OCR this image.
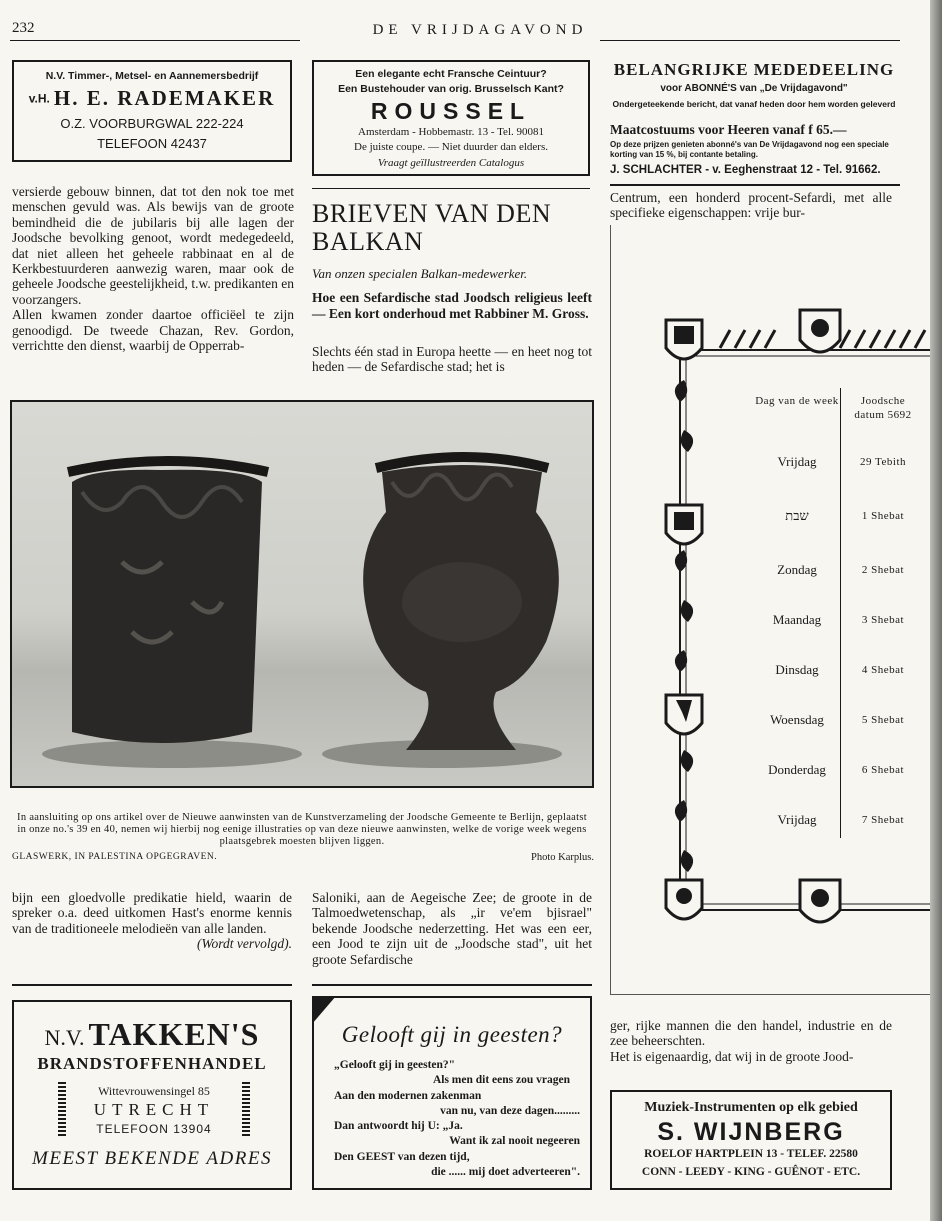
232	DE VRIJDAGAVOND
N.V. Timmer-, Metsel- en Aannemersbedrijf
v.H. H. E. RADEMAKER
O.Z. VOORBURGWAL 222-224
TELEFOON 42437
Een elegante echt Fransche Ceintuur?
Een Bustehouder van orig. Brusselsch Kant?
ROUSSEL
Amsterdam - Hobbemastr. 13 - Tel. 90081
De juiste coupe. — Niet duurder dan elders.
Vraagt geïllustreerden Catalogus
BELANGRIJKE MEDEDEELING
voor ABONNÉ'S van „De Vrijdagavond"
Ondergeteekende bericht, dat vanaf heden door hem worden geleverd
Maatcostuums voor Heeren vanaf f 65.—
Op deze prijzen genieten abonné's van De Vrijdagavond nog een speciale korting van 15 %, bij contante betaling.
J. SCHLACHTER - v. Eeghenstraat 12 - Tel. 91662.

versierde gebouw binnen, dat tot den nok toe met menschen gevuld was. Als bewijs van de groote bemindheid die de jubilaris bij alle lagen der Joodsche bevolking genoot, wordt medegedeeld, dat niet alleen het geheele rabbinaat en al de Kerkbestuurderen aanwezig waren, maar ook de geheele Joodsche geestelijkheid, t.w. predikanten en voorzangers.

Allen kwamen zonder daartoe officiëel te zijn genoodigd. De tweede Chazan, Rev. Gordon, verrichtte den dienst, waarbij de Opperrab-

BRIEVEN VAN DEN
BALKAN
Van onzen specialen Balkan-medewerker.
Hoe een Sefardische stad Joodsch religieus leeft — Een kort onderhoud met Rabbiner M. Gross.
Slechts één stad in Europa heette — en heet nog tot heden — de Sefardische stad; het is
Centrum, een honderd procent-Sefardi, met alle specifieke eigenschappen: vrije bur-
Dag van de week	Joodsche datum 5692
Vrijdag	29 Tebith
שבת	1 Shebat
Zondag	2 Shebat
Maandag	3 Shebat
Dinsdag	4 Shebat
Woensdag	5 Shebat
Donderdag	6 Shebat
Vrijdag	7 Shebat
In aansluiting op ons artikel over de Nieuwe aanwinsten van de Kunstverzameling der Joodsche Gemeente te Berlijn, geplaatst in onze no.'s 39 en 40, nemen wij hierbij nog eenige illustraties op van deze nieuwe aanwinsten, welke de vorige week wegens plaatsgebrek moesten blijven liggen.
GLASWERK, IN PALESTINA OPGEGRAVEN.	Photo Karplus.

bijn een gloedvolle predikatie hield, waarin de spreker o.a. deed uitkomen Hast's enorme kennis van de traditioneele melodieën van alle landen.

(Wordt vervolgd).

Saloniki, aan de Aegeische Zee; de groote in de Talmoedwetenschap, als „ir ve'em bjisrael" bekende Joodsche nederzetting. Het was een eer, een Jood te zijn uit de „Joodsche stad", uit het groote Sefardische

ger, rijke mannen die den handel, industrie en de zee beheerschten.

Het is eigenaardig, dat wij in de groote Jood-

N.V. TAKKEN'S
BRANDSTOFFENHANDEL
Wittevrouwensingel 85
UTRECHT
TELEFOON 13904
MEEST BEKENDE ADRES
Gelooft gij in geesten?
„Gelooft gij in geesten?"
Als men dit eens zou vragen
Aan den modernen zakenman
van nu, van deze dagen.........
Dan antwoordt hij U: „Ja.
Want ik zal nooit negeeren
Den GEEST van dezen tijd,
die ...... mij doet adverteeren".
Muziek-Instrumenten op elk gebied
S. WIJNBERG
ROELOF HARTPLEIN 13 - TELEF. 22580
CONN - LEEDY - KING - GUÊNOT - ETC.
